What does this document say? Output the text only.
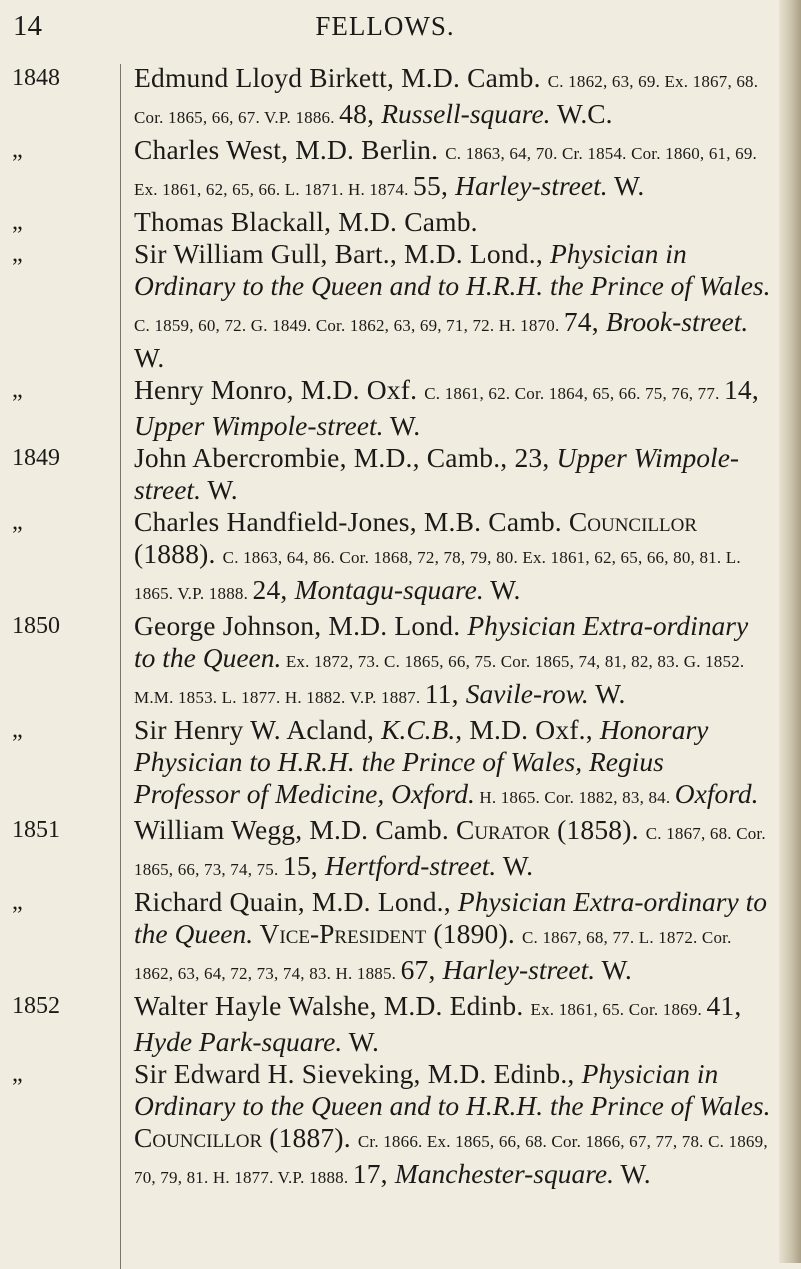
14	FELLOWS.
1848	Edmund Lloyd Birkett, M.D. Camb. C. 1862, 63, 69. Ex. 1867, 68. Cor. 1865, 66, 67. V.P. 1886. 48, Russell-square. W.C.
„	Charles West, M.D. Berlin. C. 1863, 64, 70. Cr. 1854. Cor. 1860, 61, 69. Ex. 1861, 62, 65, 66. L. 1871. H. 1874. 55, Harley-street. W.
„	Thomas Blackall, M.D. Camb.
„	Sir William Gull, Bart., M.D. Lond., Physician in Ordinary to the Queen and to H.R.H. the Prince of Wales. C. 1859, 60, 72. G. 1849. Cor. 1862, 63, 69, 71, 72. H. 1870. 74, Brook-street. W.
„	Henry Monro, M.D. Oxf. C. 1861, 62. Cor. 1864, 65, 66. 75, 76, 77. 14, Upper Wimpole-street. W.
1849	John Abercrombie, M.D., Camb., 23, Upper Wimpole-street. W.
„	Charles Handfield-Jones, M.B. Camb. Councillor (1888). C. 1863, 64, 86. Cor. 1868, 72, 78, 79, 80. Ex. 1861, 62, 65, 66, 80, 81. L. 1865. V.P. 1888. 24, Montagu-square. W.
1850	George Johnson, M.D. Lond. Physician Extra-ordinary to the Queen. Ex. 1872, 73. C. 1865, 66, 75. Cor. 1865, 74, 81, 82, 83. G. 1852. M.M. 1853. L. 1877. H. 1882. V.P. 1887. 11, Savile-row. W.
„	Sir Henry W. Acland, K.C.B., M.D. Oxf., Honorary Physician to H.R.H. the Prince of Wales, Regius Professor of Medicine, Oxford. H. 1865. Cor. 1882, 83, 84. Oxford.
1851	William Wegg, M.D. Camb. Curator (1858). C. 1867, 68. Cor. 1865, 66, 73, 74, 75. 15, Hertford-street. W.
„	Richard Quain, M.D. Lond., Physician Extra-ordinary to the Queen. Vice-President (1890). C. 1867, 68, 77. L. 1872. Cor. 1862, 63, 64, 72, 73, 74, 83. H. 1885. 67, Harley-street. W.
1852	Walter Hayle Walshe, M.D. Edinb. Ex. 1861, 65. Cor. 1869. 41, Hyde Park-square. W.
„	Sir Edward H. Sieveking, M.D. Edinb., Physician in Ordinary to the Queen and to H.R.H. the Prince of Wales. Councillor (1887). Cr. 1866. Ex. 1865, 66, 68. Cor. 1866, 67, 77, 78. C. 1869, 70, 79, 81. H. 1877. V.P. 1888. 17, Manchester-square. W.
